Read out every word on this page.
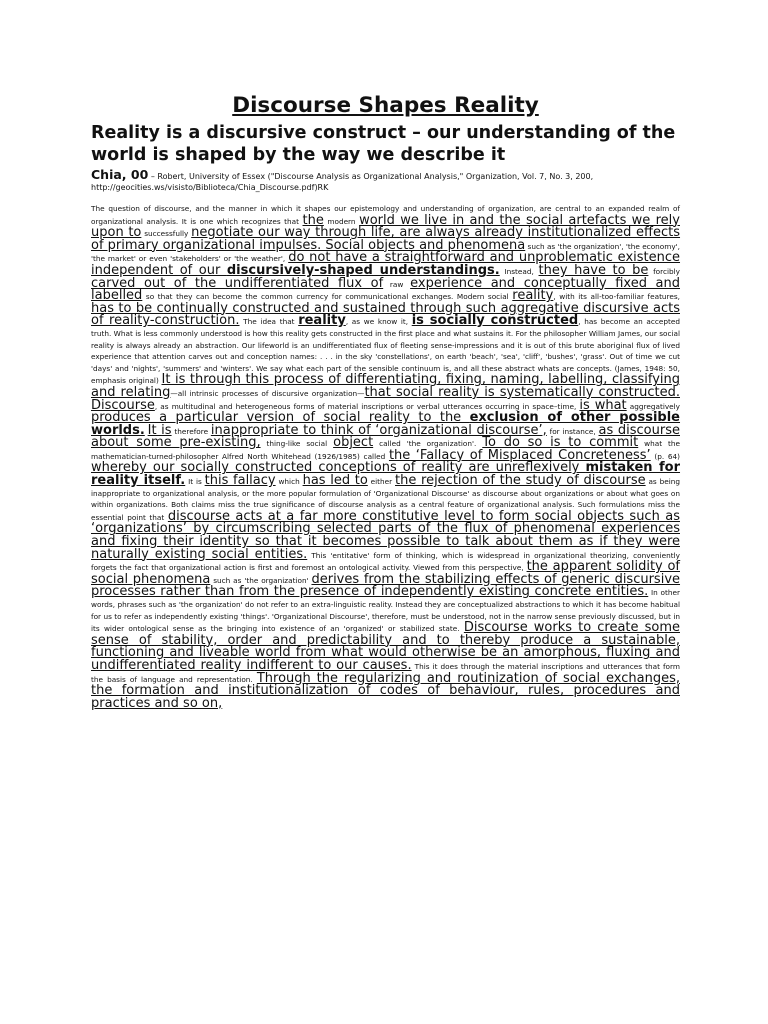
Discourse Shapes Reality
Reality is a discursive construct – our understanding of the world is shaped by the way we describe it
Chia, 00 – Robert, University of Essex ("Discourse Analysis as Organizational Analysis," Organization, Vol. 7, No. 3, 200, http://geocities.ws/visisto/Biblioteca/Chia_Discourse.pdf)RK

The question of discourse, and the manner in which it shapes our epistemology and understanding of organization, are central to an expanded realm of organizational analysis. It is one which recognizes that the modern world we live in and the social artefacts we rely upon to successfully negotiate our way through life, are always already institutionalized effects of primary organizational impulses. Social objects and phenomena such as 'the organization', 'the economy', 'the market' or even 'stakeholders' or 'the weather', do not have a straightforward and unproblematic existence independent of our discursively-shaped understandings. Instead, they have to be forcibly carved out of the undifferentiated flux of raw experience and conceptually fixed and labelled so that they can become the common currency for communicational exchanges. Modern social reality, with its all-too-familiar features, has to be continually constructed and sustained through such aggregative discursive acts of reality-construction. The idea that reality, as we know it, is socially constructed, has become an accepted truth. What is less commonly understood is how this reality gets constructed in the first place and what sustains it. For the philosopher William James, our social reality is always already an abstraction. Our lifeworld is an undifferentiated flux of fleeting sense-impressions and it is out of this brute aboriginal flux of lived experience that attention carves out and conception names: . . . in the sky 'constellations', on earth 'beach', 'sea', 'cliff', 'bushes', 'grass'. Out of time we cut 'days' and 'nights', 'summers' and 'winters'. We say what each part of the sensible continuum is, and all these abstract whats are concepts. (James, 1948: 50, emphasis original) It is through this process of differentiating, fixing, naming, labelling, classifying and relating—all intrinsic processes of discursive organization—that social reality is systematically constructed. Discourse, as multitudinal and heterogeneous forms of material inscriptions or verbal utterances occurring in space–time, is what aggregatively produces a particular version of social reality to the exclusion of other possible worlds. It is therefore inappropriate to think of ‘organizational discourse’, for instance, as discourse about some pre-existing, thing-like social object called 'the organization'. To do so is to commit what the mathematician-turned-philosopher Alfred North Whitehead (1926/1985) called the ‘Fallacy of Misplaced Concreteness’ (p. 64) whereby our socially constructed conceptions of reality are unreflexively mistaken for reality itself. It is this fallacy which has led to either the rejection of the study of discourse as being inappropriate to organizational analysis, or the more popular formulation of 'Organizational Discourse' as discourse about organizations or about what goes on within organizations. Both claims miss the true significance of discourse analysis as a central feature of organizational analysis. Such formulations miss the essential point that discourse acts at a far more constitutive level to form social objects such as ‘organizations’ by circumscribing selected parts of the flux of phenomenal experiences and fixing their identity so that it becomes possible to talk about them as if they were naturally existing social entities. This 'entitative' form of thinking, which is widespread in organizational theorizing, conveniently forgets the fact that organizational action is first and foremost an ontological activity. Viewed from this perspective, the apparent solidity of social phenomena such as 'the organization' derives from the stabilizing effects of generic discursive processes rather than from the presence of independently existing concrete entities. In other words, phrases such as 'the organization' do not refer to an extra-linguistic reality. Instead they are conceptualized abstractions to which it has become habitual for us to refer as independently existing 'things'. 'Organizational Discourse', therefore, must be understood, not in the narrow sense previously discussed, but in its wider ontological sense as the bringing into existence of an 'organized' or stabilized state. Discourse works to create some sense of stability, order and predictability and to thereby produce a sustainable, functioning and liveable world from what would otherwise be an amorphous, fluxing and undifferentiated reality indifferent to our causes. This it does through the material inscriptions and utterances that form the basis of language and representation. Through the regularizing and routinization of social exchanges, the formation and institutionalization of codes of behaviour, rules, procedures and practices and so on,
